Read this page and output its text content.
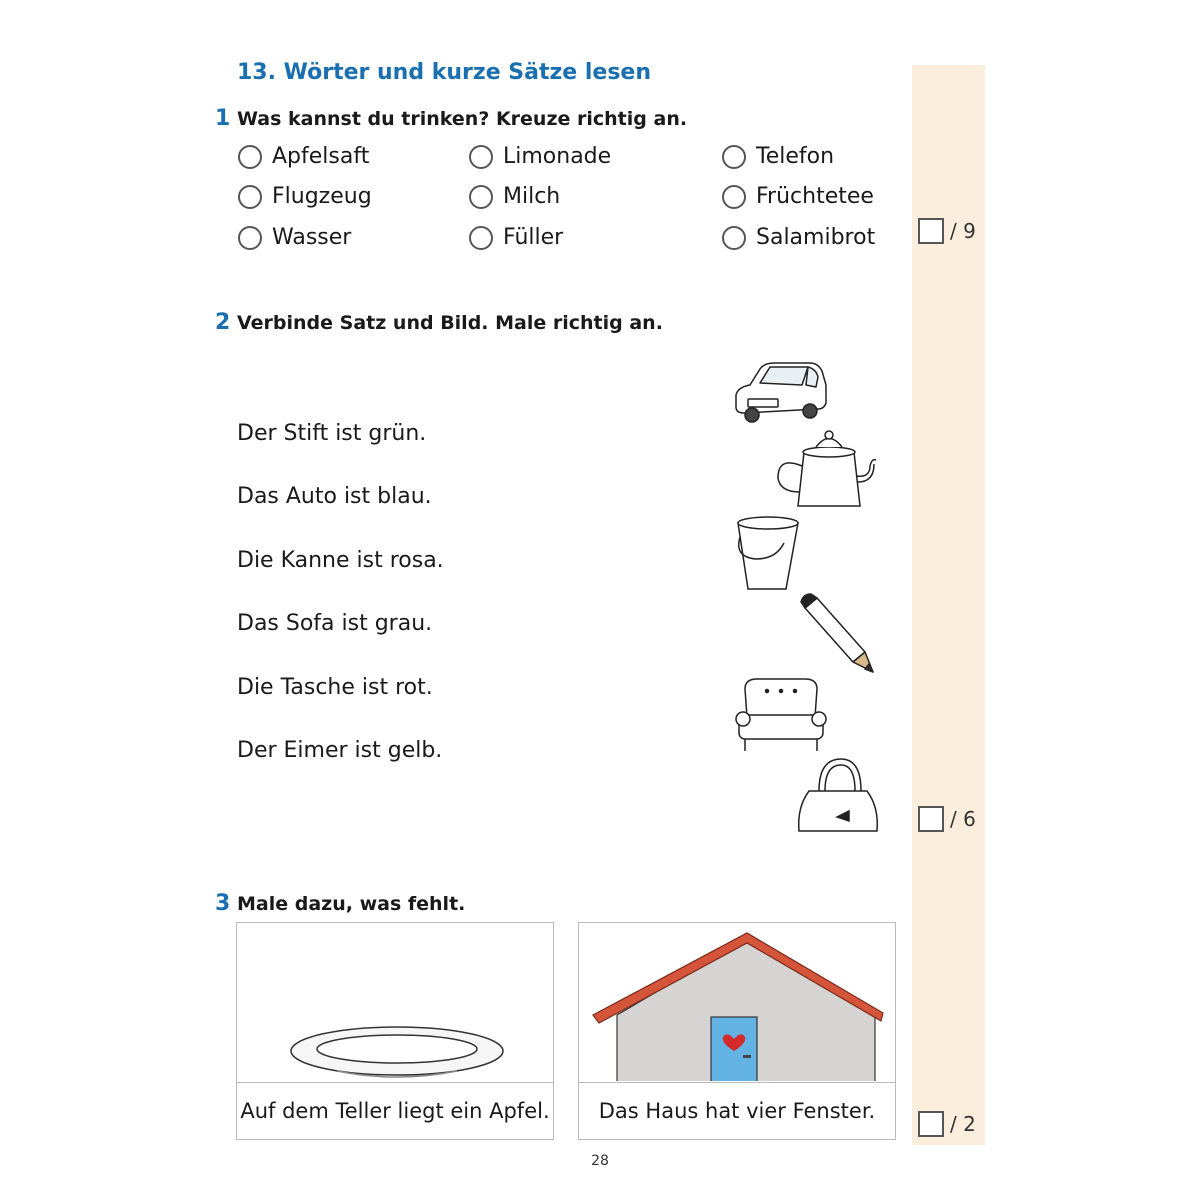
13. Wörter und kurze Sätze lesen
1 Was kannst du trinken? Kreuze richtig an.
Apfelsaft	Limonade	Telefon
Flugzeug	Milch	Früchtetee
Wasser	Füller	Salamibrot	/ 9
2 Verbinde Satz und Bild. Male richtig an.
Der Stift ist grün.
Das Auto ist blau.
Die Kanne ist rosa.
Das Sofa ist grau.
Die Tasche ist rot.
Der Eimer ist gelb.
/ 6
3 Male dazu, was fehlt.
Auf dem Teller liegt ein Apfel.	Das Haus hat vier Fenster.
/ 2
28
